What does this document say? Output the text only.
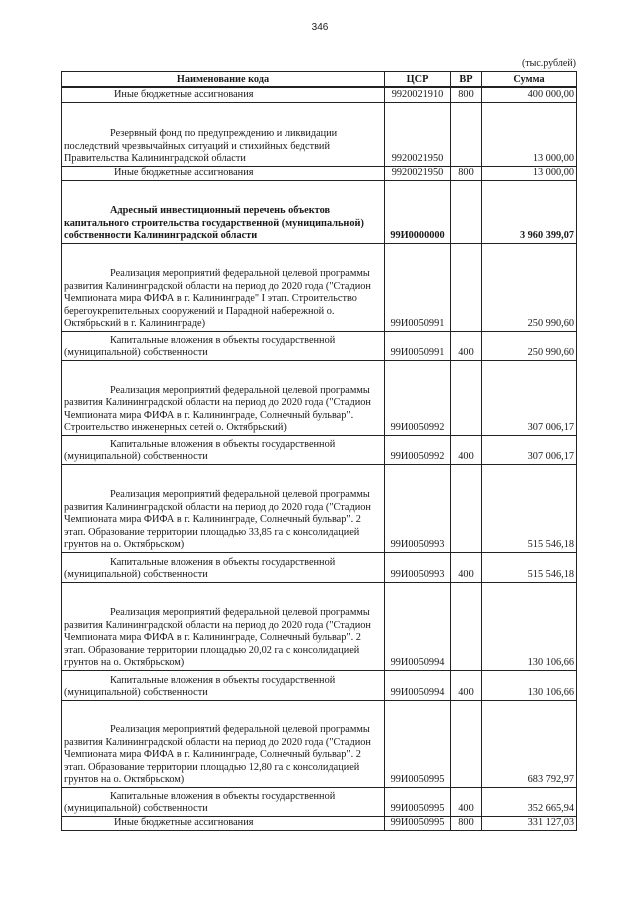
346
(тыс.рублей)
Наименование кода	ЦСР	ВР	Сумма
Иные бюджетные ассигнования	9920021910	800	400 000,00
Резервный фонд по предупреждению и ликвидации последствий чрезвычайных ситуаций и стихийных бедствий Правительства Калининградской области	9920021950		13 000,00
Иные бюджетные ассигнования	9920021950	800	13 000,00
Адресный инвестиционный перечень объектов капитального строительства государственной (муниципальной) собственности Калининградской области	99И0000000		3 960 399,07
Реализация мероприятий федеральной целевой программы развития Калининградской области на период до 2020 года ("Стадион Чемпионата мира ФИФА в г. Калининграде" I этап. Строительство берегоукрепительных сооружений и Парадной набережной о. Октябрьский в г. Калининграде)	99И0050991		250 990,60
Капитальные вложения в объекты государственной (муниципальной) собственности	99И0050991	400	250 990,60
Реализация мероприятий федеральной целевой программы развития Калининградской области на период до 2020 года ("Стадион Чемпионата мира ФИФА в г. Калининграде, Солнечный бульвар". Строительство инженерных сетей о. Октябрьский)	99И0050992		307 006,17
Капитальные вложения в объекты государственной (муниципальной) собственности	99И0050992	400	307 006,17
Реализация мероприятий федеральной целевой программы развития Калининградской области на период до 2020 года ("Стадион Чемпионата мира ФИФА в г. Калининграде, Солнечный бульвар". 2 этап. Образование территории площадью 33,85 га с консолидацией грунтов на о. Октябрьском)	99И0050993		515 546,18
Капитальные вложения в объекты государственной (муниципальной) собственности	99И0050993	400	515 546,18
Реализация мероприятий федеральной целевой программы развития Калининградской области на период до 2020 года ("Стадион Чемпионата мира ФИФА в г. Калининграде, Солнечный бульвар". 2 этап. Образование территории площадью 20,02 га с консолидацией грунтов на о. Октябрьском)	99И0050994		130 106,66
Капитальные вложения в объекты государственной (муниципальной) собственности	99И0050994	400	130 106,66
Реализация мероприятий федеральной целевой программы развития Калининградской области на период до 2020 года ("Стадион Чемпионата мира ФИФА в г. Калининграде, Солнечный бульвар". 2 этап. Образование территории площадью 12,80 га с консолидацией грунтов на о. Октябрьском)	99И0050995		683 792,97
Капитальные вложения в объекты государственной (муниципальной) собственности	99И0050995	400	352 665,94
Иные бюджетные ассигнования	99И0050995	800	331 127,03
